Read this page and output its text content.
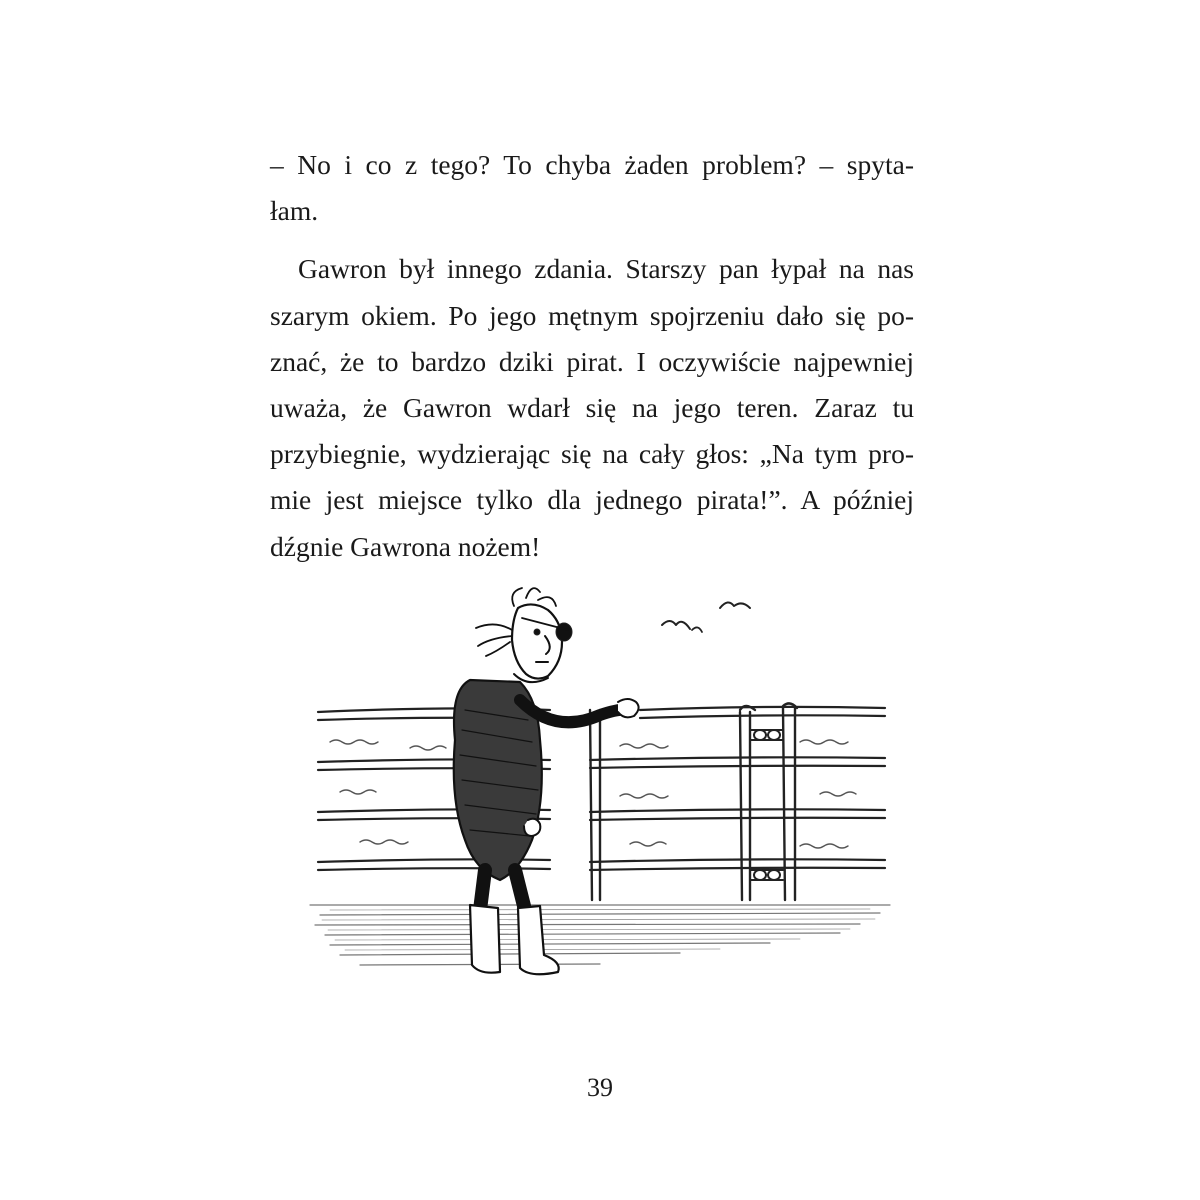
– No i co z tego? To chyba żaden problem? – spyta-
łam.
Gawron był innego zdania. Starszy pan łypał na nas
szarym okiem. Po jego mętnym spojrzeniu dało się po-
znać, że to bardzo dziki pirat. I oczywiście najpewniej
uważa, że Gawron wdarł się na jego teren. Zaraz tu
przybiegnie, wydzierając się na cały głos: „Na tym pro-
mie jest miejsce tylko dla jednego pirata!”. A później
dźgnie Gawrona nożem!
39
